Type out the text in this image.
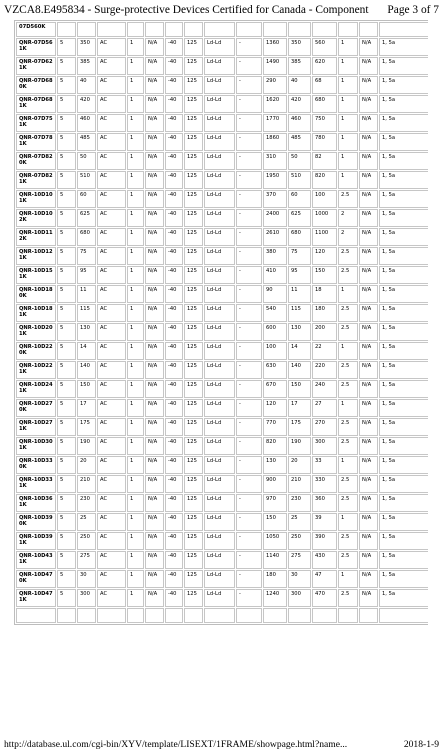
VZCA8.E495834 - Surge-protective Devices Certified for Canada - Component Page 3 of 7
07D560K															
QNR-07D561K	5	350	AC	1	N/A	-40	125	Ld-Ld	-	1360	350	560	1	N/A	1, 5a
QNR-07D621K	5	385	AC	1	N/A	-40	125	Ld-Ld	-	1490	385	620	1	N/A	1, 5a
QNR-07D680K	5	40	AC	1	N/A	-40	125	Ld-Ld	-	290	40	68	1	N/A	1, 5a
QNR-07D681K	5	420	AC	1	N/A	-40	125	Ld-Ld	-	1620	420	680	1	N/A	1, 5a
QNR-07D751K	5	460	AC	1	N/A	-40	125	Ld-Ld	-	1770	460	750	1	N/A	1, 5a
QNR-07D781K	5	485	AC	1	N/A	-40	125	Ld-Ld	-	1860	485	780	1	N/A	1, 5a
QNR-07D820K	5	50	AC	1	N/A	-40	125	Ld-Ld	-	310	50	82	1	N/A	1, 5a
QNR-07D821K	5	510	AC	1	N/A	-40	125	Ld-Ld	-	1950	510	820	1	N/A	1, 5a
QNR-10D101K	5	60	AC	1	N/A	-40	125	Ld-Ld	-	370	60	100	2.5	N/A	1, 5a
QNR-10D102K	5	625	AC	1	N/A	-40	125	Ld-Ld	-	2400	625	1000	2	N/A	1, 5a
QNR-10D112K	5	680	AC	1	N/A	-40	125	Ld-Ld	-	2610	680	1100	2	N/A	1, 5a
QNR-10D121K	5	75	AC	1	N/A	-40	125	Ld-Ld	-	380	75	120	2.5	N/A	1, 5a
QNR-10D151K	5	95	AC	1	N/A	-40	125	Ld-Ld	-	410	95	150	2.5	N/A	1, 5a
QNR-10D180K	5	11	AC	1	N/A	-40	125	Ld-Ld	-	90	11	18	1	N/A	1, 5a
QNR-10D181K	5	115	AC	1	N/A	-40	125	Ld-Ld	-	540	115	180	2.5	N/A	1, 5a
QNR-10D201K	5	130	AC	1	N/A	-40	125	Ld-Ld	-	600	130	200	2.5	N/A	1, 5a
QNR-10D220K	5	14	AC	1	N/A	-40	125	Ld-Ld	-	100	14	22	1	N/A	1, 5a
QNR-10D221K	5	140	AC	1	N/A	-40	125	Ld-Ld	-	630	140	220	2.5	N/A	1, 5a
QNR-10D241K	5	150	AC	1	N/A	-40	125	Ld-Ld	-	670	150	240	2.5	N/A	1, 5a
QNR-10D270K	5	17	AC	1	N/A	-40	125	Ld-Ld	-	120	17	27	1	N/A	1, 5a
QNR-10D271K	5	175	AC	1	N/A	-40	125	Ld-Ld	-	770	175	270	2.5	N/A	1, 5a
QNR-10D301K	5	190	AC	1	N/A	-40	125	Ld-Ld	-	820	190	300	2.5	N/A	1, 5a
QNR-10D330K	5	20	AC	1	N/A	-40	125	Ld-Ld	-	130	20	33	1	N/A	1, 5a
QNR-10D331K	5	210	AC	1	N/A	-40	125	Ld-Ld	-	900	210	330	2.5	N/A	1, 5a
QNR-10D361K	5	230	AC	1	N/A	-40	125	Ld-Ld	-	970	230	360	2.5	N/A	1, 5a
QNR-10D390K	5	25	AC	1	N/A	-40	125	Ld-Ld	-	150	25	39	1	N/A	1, 5a
QNR-10D391K	5	250	AC	1	N/A	-40	125	Ld-Ld	-	1050	250	390	2.5	N/A	1, 5a
QNR-10D431K	5	275	AC	1	N/A	-40	125	Ld-Ld	-	1140	275	430	2.5	N/A	1, 5a
QNR-10D470K	5	30	AC	1	N/A	-40	125	Ld-Ld	-	180	30	47	1	N/A	1, 5a
QNR-10D471K	5	300	AC	1	N/A	-40	125	Ld-Ld	-	1240	300	470	2.5	N/A	1, 5a

http://database.ul.com/cgi-bin/XYV/template/LISEXT/1FRAME/showpage.html?name...	2018-1-9
